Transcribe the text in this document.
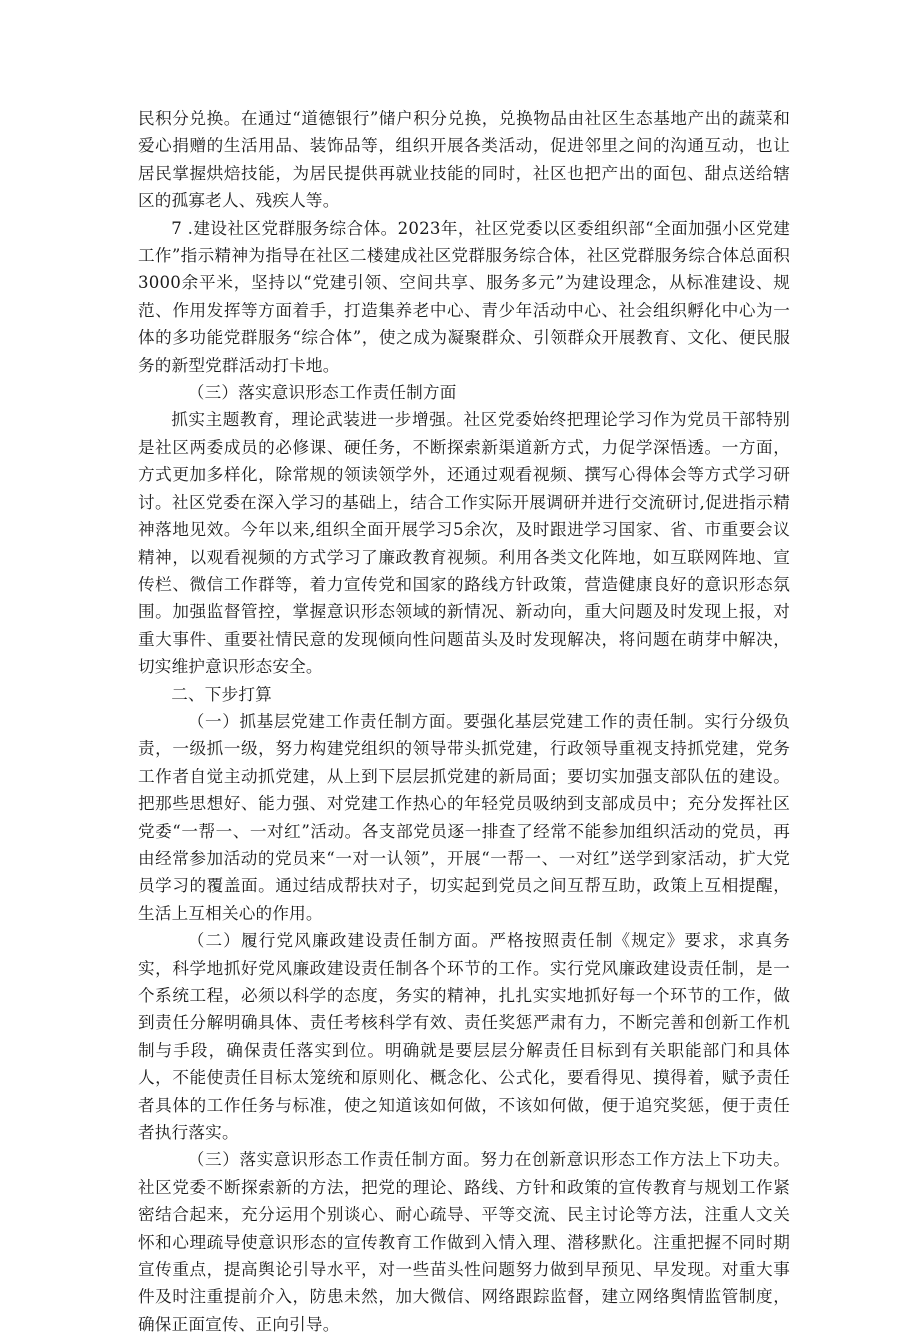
民积分兑换。在通过“道德银行”储户积分兑换，兑换物品由社区生态基地产出的蔬菜和爱心捐赠的生活用品、装饰品等，组织开展各类活动，促进邻里之间的沟通互动，也让居民掌握烘焙技能，为居民提供再就业技能的同时，社区也把产出的面包、甜点送给辖区的孤寡老人、残疾人等。

7 .建设社区党群服务综合体。2023年，社区党委以区委组织部“全面加强小区党建工作”指示精神为指导在社区二楼建成社区党群服务综合体，社区党群服务综合体总面积3000余平米，坚持以“党建引领、空间共享、服务多元”为建设理念，从标准建设、规范、作用发挥等方面着手，打造集养老中心、青少年活动中心、社会组织孵化中心为一体的多功能党群服务“综合体”，使之成为凝聚群众、引领群众开展教育、文化、便民服务的新型党群活动打卡地。

（三）落实意识形态工作责任制方面

抓实主题教育，理论武装进一步增强。社区党委始终把理论学习作为党员干部特别是社区两委成员的必修课、硬任务，不断探索新渠道新方式，力促学深悟透。一方面，方式更加多样化，除常规的领读领学外，还通过观看视频、撰写心得体会等方式学习研讨。社区党委在深入学习的基础上，结合工作实际开展调研并进行交流研讨,促进指示精神落地见效。今年以来,组织全面开展学习5余次，及时跟进学习国家、省、市重要会议精神，以观看视频的方式学习了廉政教育视频。利用各类文化阵地，如互联网阵地、宣传栏、微信工作群等，着力宣传党和国家的路线方针政策，营造健康良好的意识形态氛围。加强监督管控，掌握意识形态领域的新情况、新动向，重大问题及时发现上报，对重大事件、重要社情民意的发现倾向性问题苗头及时发现解决，将问题在萌芽中解决，切实维护意识形态安全。

二、下步打算

（一）抓基层党建工作责任制方面。要强化基层党建工作的责任制。实行分级负责，一级抓一级，努力构建党组织的领导带头抓党建，行政领导重视支持抓党建，党务工作者自觉主动抓党建，从上到下层层抓党建的新局面；要切实加强支部队伍的建设。把那些思想好、能力强、对党建工作热心的年轻党员吸纳到支部成员中；充分发挥社区党委“一帮一、一对红”活动。各支部党员逐一排查了经常不能参加组织活动的党员，再由经常参加活动的党员来“一对一认领”，开展“一帮一、一对红”送学到家活动，扩大党员学习的覆盖面。通过结成帮扶对子，切实起到党员之间互帮互助，政策上互相提醒，生活上互相关心的作用。

（二）履行党风廉政建设责任制方面。严格按照责任制《规定》要求，求真务实，科学地抓好党风廉政建设责任制各个环节的工作。实行党风廉政建设责任制，是一个系统工程，必须以科学的态度，务实的精神，扎扎实实地抓好每一个环节的工作，做到责任分解明确具体、责任考核科学有效、责任奖惩严肃有力，不断完善和创新工作机制与手段，确保责任落实到位。明确就是要层层分解责任目标到有关职能部门和具体人，不能使责任目标太笼统和原则化、概念化、公式化，要看得见、摸得着，赋予责任者具体的工作任务与标准，使之知道该如何做，不该如何做，便于追究奖惩，便于责任者执行落实。

（三）落实意识形态工作责任制方面。努力在创新意识形态工作方法上下功夫。社区党委不断探索新的方法，把党的理论、路线、方针和政策的宣传教育与规划工作紧密结合起来，充分运用个别谈心、耐心疏导、平等交流、民主讨论等方法，注重人文关怀和心理疏导使意识形态的宣传教育工作做到入情入理、潜移默化。注重把握不同时期宣传重点，提高舆论引导水平，对一些苗头性问题努力做到早预见、早发现。对重大事件及时注重提前介入，防患未然，加大微信、网络跟踪监督，建立网络舆情监管制度，确保正面宣传、正向引导。
